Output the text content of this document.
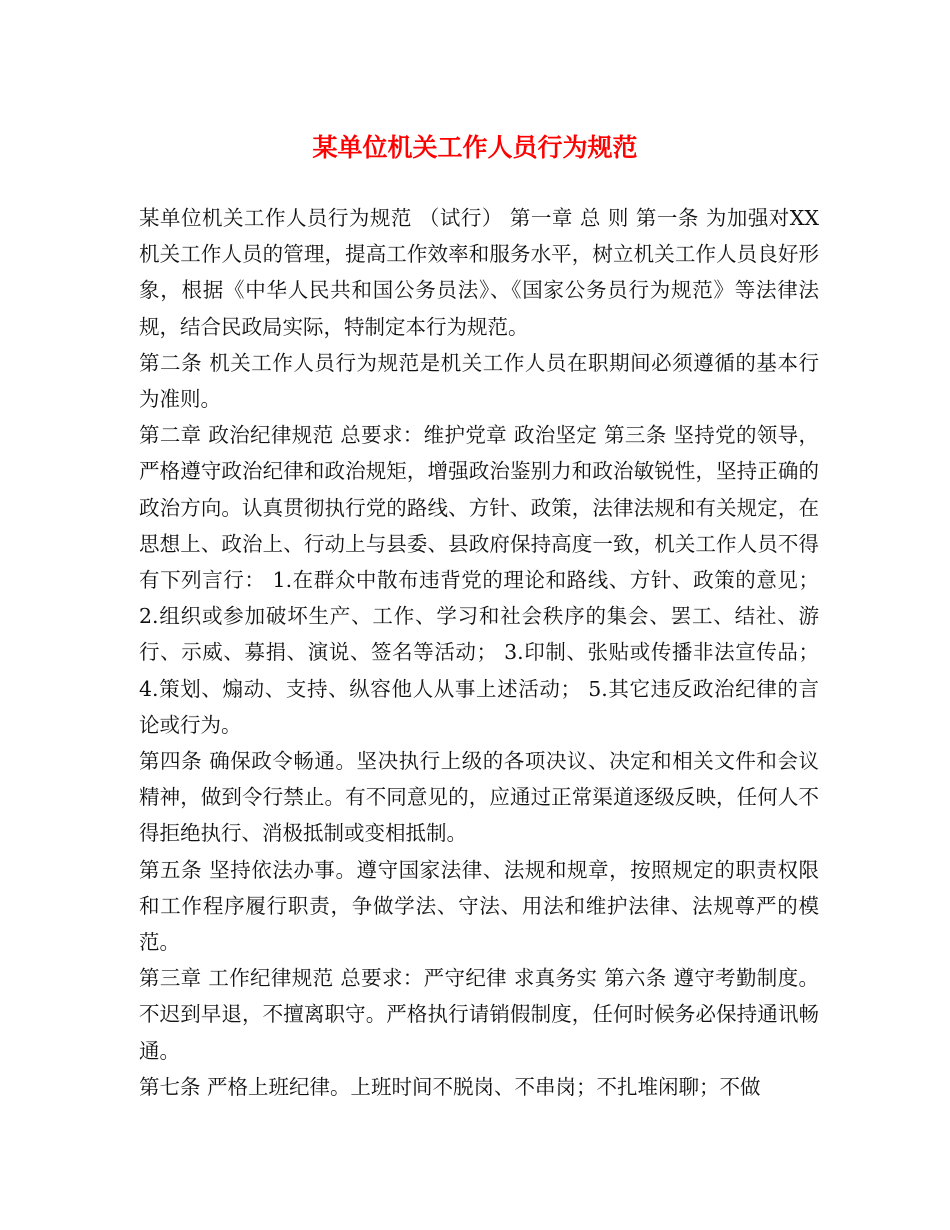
某单位机关工作人员行为规范

某单位机关工作人员行为规范 （试行） 第一章 总 则 第一条 为加强对XX机关工作人员的管理，提高工作效率和服务水平，树立机关工作人员良好形象，根据《中华人民共和国公务员法》、《国家公务员行为规范》等法律法规，结合民政局实际，特制定本行为规范。

第二条 机关工作人员行为规范是机关工作人员在职期间必须遵循的基本行为准则。

第二章 政治纪律规范 总要求：维护党章 政治坚定 第三条 坚持党的领导，严格遵守政治纪律和政治规矩，增强政治鉴别力和政治敏锐性，坚持正确的政治方向。认真贯彻执行党的路线、方针、政策，法律法规和有关规定，在思想上、政治上、行动上与县委、县政府保持高度一致，机关工作人员不得有下列言行： 1.在群众中散布违背党的理论和路线、方针、政策的意见； 2.组织或参加破坏生产、工作、学习和社会秩序的集会、罢工、结社、游行、示威、募捐、演说、签名等活动； 3.印制、张贴或传播非法宣传品； 4.策划、煽动、支持、纵容他人从事上述活动； 5.其它违反政治纪律的言论或行为。

第四条 确保政令畅通。坚决执行上级的各项决议、决定和相关文件和会议精神，做到令行禁止。有不同意见的，应通过正常渠道逐级反映，任何人不得拒绝执行、消极抵制或变相抵制。

第五条 坚持依法办事。遵守国家法律、法规和规章，按照规定的职责权限和工作程序履行职责，争做学法、守法、用法和维护法律、法规尊严的模范。

第三章 工作纪律规范 总要求：严守纪律 求真务实 第六条 遵守考勤制度。不迟到早退，不擅离职守。严格执行请销假制度，任何时候务必保持通讯畅通。

第七条 严格上班纪律。上班时间不脱岗、不串岗；不扎堆闲聊；不做
